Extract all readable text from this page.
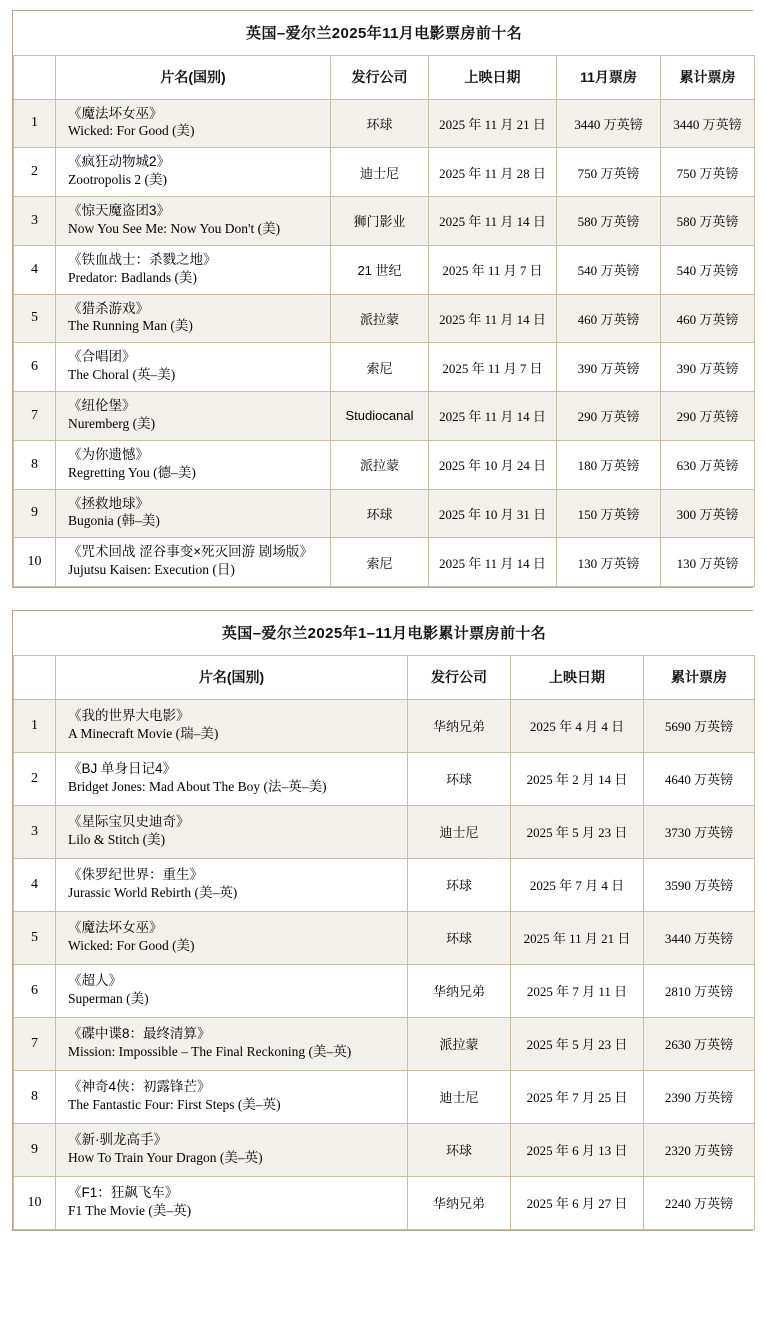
英国–爱尔兰2025年11月电影票房前十名					
	片名(国别)	发行公司	上映日期	11月票房	累计票房
1	《魔法坏女巫》
Wicked: For Good (美)	环球	2025 年 11 月 21 日	3440 万英镑	3440 万英镑
2	《疯狂动物城2》
Zootropolis 2 (美)	迪士尼	2025 年 11 月 28 日	750 万英镑	750 万英镑
3	《惊天魔盗团3》
Now You See Me: Now You Don't (美)	狮门影业	2025 年 11 月 14 日	580 万英镑	580 万英镑
4	《铁血战士：杀戮之地》
Predator: Badlands (美)	21 世纪	2025 年 11 月 7 日	540 万英镑	540 万英镑
5	《猎杀游戏》
The Running Man (美)	派拉蒙	2025 年 11 月 14 日	460 万英镑	460 万英镑
6	《合唱团》
The Choral (英–美)	索尼	2025 年 11 月 7 日	390 万英镑	390 万英镑
7	《纽伦堡》
Nuremberg (美)	Studiocanal	2025 年 11 月 14 日	290 万英镑	290 万英镑
8	《为你遗憾》
Regretting You (德–美)	派拉蒙	2025 年 10 月 24 日	180 万英镑	630 万英镑
9	《拯救地球》
Bugonia (韩–美)	环球	2025 年 10 月 31 日	150 万英镑	300 万英镑
10	《咒术回战 涩谷事变×死灭回游 剧场版》
Jujutsu Kaisen: Execution (日)	索尼	2025 年 11 月 14 日	130 万英镑	130 万英镑
英国–爱尔兰2025年1–11月电影累计票房前十名				
	片名(国别)	发行公司	上映日期	累计票房
1	《我的世界大电影》
A Minecraft Movie (瑞–美)	华纳兄弟	2025 年 4 月 4 日	5690 万英镑
2	《BJ 单身日记4》
Bridget Jones: Mad About The Boy (法–英–美)	环球	2025 年 2 月 14 日	4640 万英镑
3	《星际宝贝史迪奇》
Lilo & Stitch (美)	迪士尼	2025 年 5 月 23 日	3730 万英镑
4	《侏罗纪世界：重生》
Jurassic World Rebirth (美–英)	环球	2025 年 7 月 4 日	3590 万英镑
5	《魔法坏女巫》
Wicked: For Good (美)	环球	2025 年 11 月 21 日	3440 万英镑
6	《超人》
Superman (美)	华纳兄弟	2025 年 7 月 11 日	2810 万英镑
7	《碟中谍8：最终清算》
Mission: Impossible – The Final Reckoning (美–英)	派拉蒙	2025 年 5 月 23 日	2630 万英镑
8	《神奇4侠：初露锋芒》
The Fantastic Four: First Steps (美–英)	迪士尼	2025 年 7 月 25 日	2390 万英镑
9	《新·驯龙高手》
How To Train Your Dragon (美–英)	环球	2025 年 6 月 13 日	2320 万英镑
10	《F1：狂飙飞车》
F1 The Movie (美–英)	华纳兄弟	2025 年 6 月 27 日	2240 万英镑
